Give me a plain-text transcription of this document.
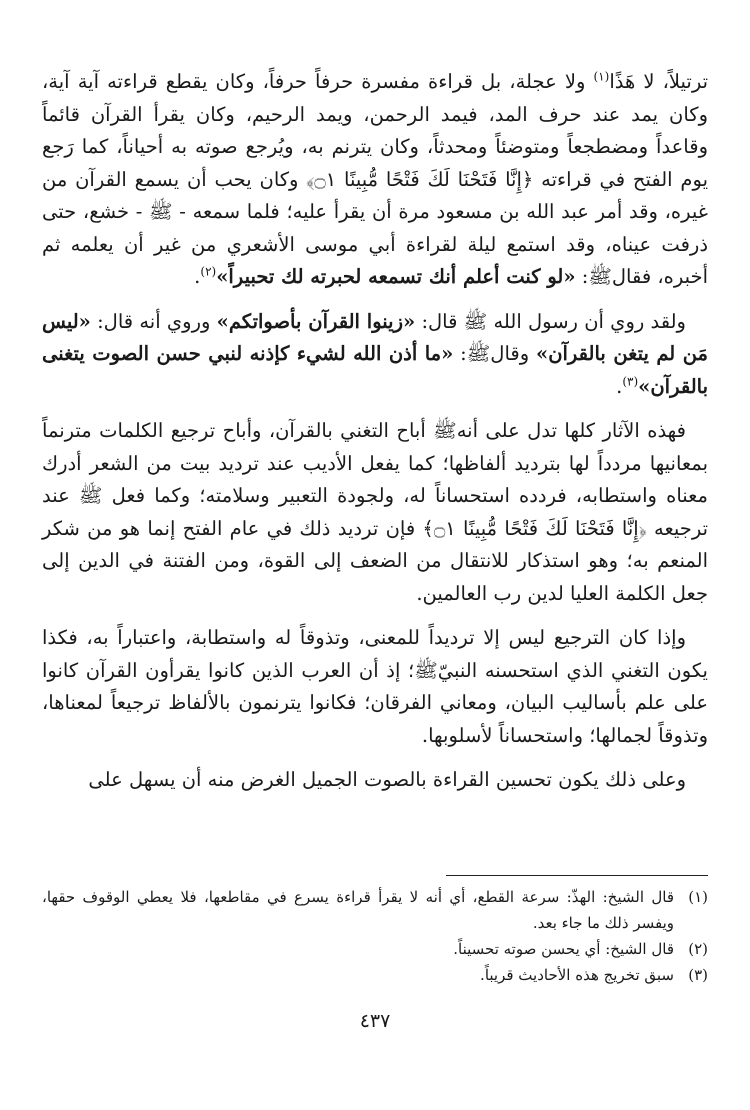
ترتيلاً، لا هَذًا$^{(١)}$ ولا عجلة، بل قراءة مفسرة حرفاً حرفاً، وكان يقطع قراءته آية آية، وكان يمد عند حرف المد، فيمد الرحمن، ويمد الرحيم، وكان يقرأ القرآن قائماً وقاعداً ومضطجعاً ومتوضئاً ومحدثاً، وكان يترنم به، ويُرجع صوته به أحياناً، كما رَجع يوم الفتح في قراءته ﴿إِنَّا فَتَحْنَا لَكَ فَتْحًا مُّبِينًا ۝١﴾ وكان يحب أن يسمع القرآن من غيره، وقد أمر عبد الله بن مسعود مرة أن يقرأ عليه؛ فلما سمعه - ﷺ - خشع، حتى ذرفت عيناه، وقد استمع ليلة لقراءة أبي موسى الأشعري من غير أن يعلمه ثم أخبره، فقالﷺ: «لو كنت أعلم أنك تسمعه لحبرته لك تحبيراً»$^{(٢)}$.

ولقد روي أن رسول الله ﷺ قال: «زينوا القرآن بأصواتكم» وروي أنه قال: «ليس مَن لم يتغن بالقرآن» وقالﷺ: «ما أذن الله لشيء كإذنه لنبي حسن الصوت يتغنى بالقرآن»$^{(٣)}$.

فهذه الآثار كلها تدل على أنهﷺ أباح التغني بالقرآن، وأباح ترجيع الكلمات مترنماً بمعانيها مردداً لها بترديد ألفاظها؛ كما يفعل الأديب عند ترديد بيت من الشعر أدرك معناه واستطابه، فردده استحساناً له، ولجودة التعبير وسلامته؛ وكما فعل ﷺ عند ترجيعه ﴿إِنَّا فَتَحْنَا لَكَ فَتْحًا مُّبِينًا ۝١﴾ فإن ترديد ذلك في عام الفتح إنما هو من شكر المنعم به؛ وهو استذكار للانتقال من الضعف إلى القوة، ومن الفتنة في الدين إلى جعل الكلمة العليا لدين رب العالمين.

وإذا كان الترجيع ليس إلا ترديداً للمعنى، وتذوقاً له واستطابة، واعتباراً به، فكذا يكون التغني الذي استحسنه النبيّﷺ؛ إذ أن العرب الذين كانوا يقرأون القرآن كانوا على علم بأساليب البيان، ومعاني الفرقان؛ فكانوا يترنمون بالألفاظ ترجيعاً لمعناها، وتذوقاً لجمالها؛ واستحساناً لأسلوبها.

وعلى ذلك يكون تحسين القراءة بالصوت الجميل الغرض منه أن يسهل على

(١)
قال الشيخ: الهذّ: سرعة القطع، أي أنه لا يقرأ قراءة يسرع في مقاطعها، فلا يعطي الوقوف حقها، ويفسر ذلك ما جاء بعد.
(٢)
قال الشيخ: أي يحسن صوته تحسيناً.
(٣)
سبق تخريج هذه الأحاديث قريباً.
٤٣٧
